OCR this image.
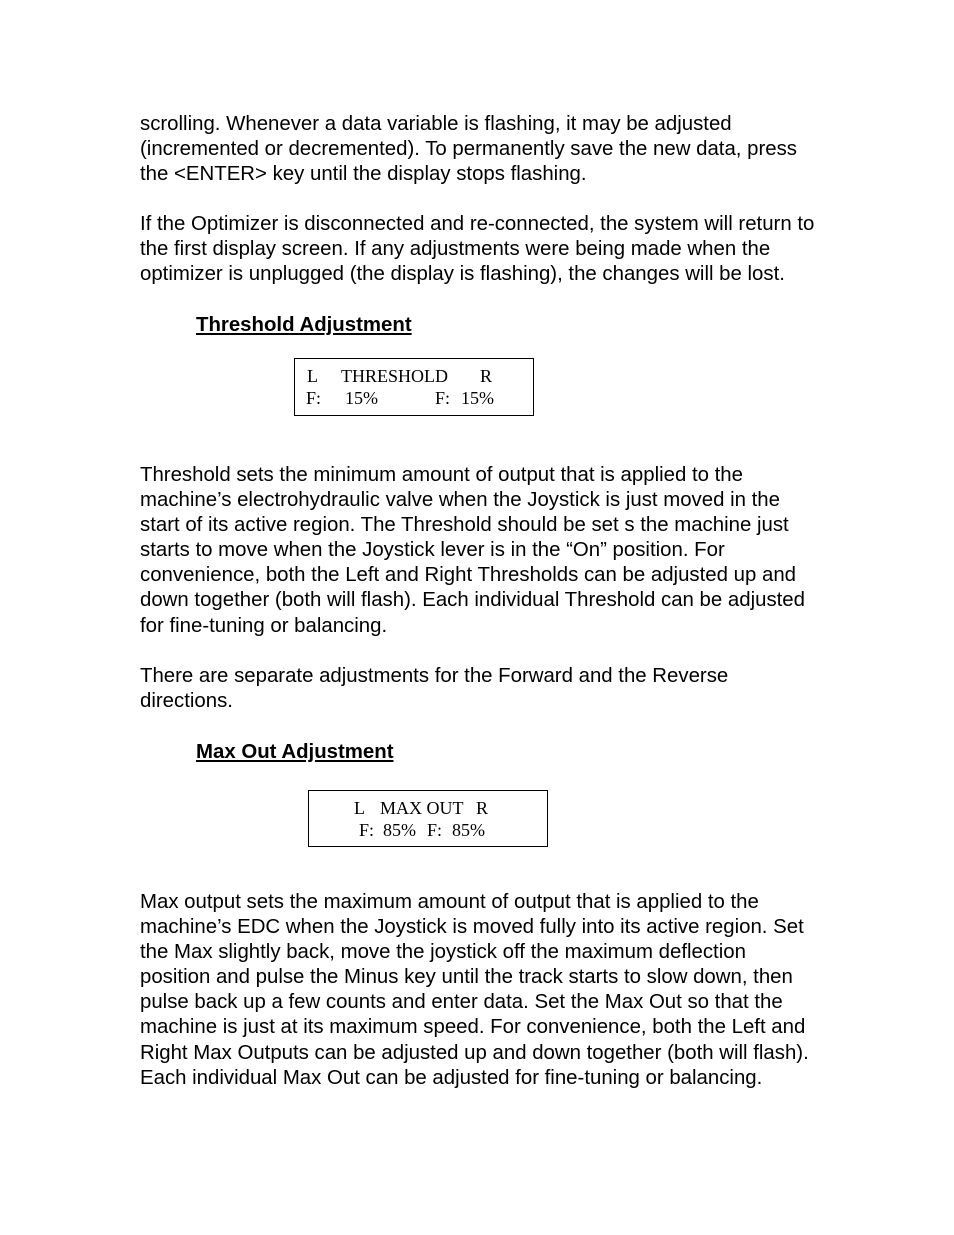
scrolling. Whenever a data variable is flashing, it may be adjusted
(incremented or decremented). To permanently save the new data, press
the <ENTER> key until the display stops flashing.

If the Optimizer is disconnected and re-connected, the system will return to
the first display screen. If any adjustments were being made when the
optimizer is unplugged (the display is flashing), the changes will be lost.

Threshold Adjustment
L THRESHOLD R
F: 15%	F: 15%

Threshold sets the minimum amount of output that is applied to the
machine’s electrohydraulic valve when the Joystick is just moved in the
start of its active region. The Threshold should be set s the machine just
starts to move when the Joystick lever is in the “On” position. For
convenience, both the Left and Right Thresholds can be adjusted up and
down together (both will flash). Each individual Threshold can be adjusted
for fine-tuning or balancing.

There are separate adjustments for the Forward and the Reverse
directions.

Max Out Adjustment
L MAX OUT R
F: 85% F: 85%

Max output sets the maximum amount of output that is applied to the
machine’s EDC when the Joystick is moved fully into its active region. Set
the Max slightly back, move the joystick off the maximum deflection
position and pulse the Minus key until the track starts to slow down, then
pulse back up a few counts and enter data. Set the Max Out so that the
machine is just at its maximum speed. For convenience, both the Left and
Right Max Outputs can be adjusted up and down together (both will flash).
Each individual Max Out can be adjusted for fine-tuning or balancing.
